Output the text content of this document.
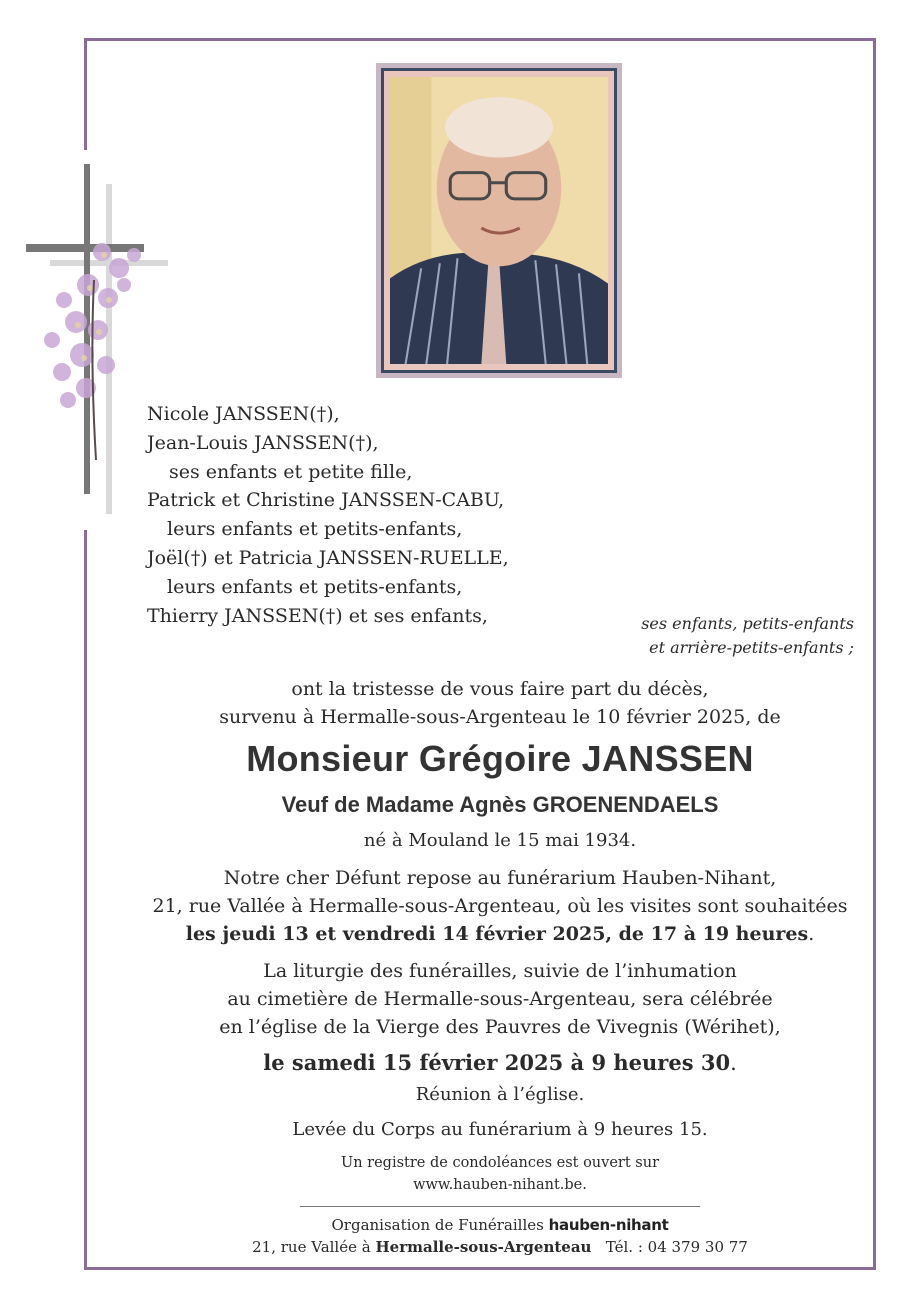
Nicole JANSSEN(†),
Jean-Louis JANSSEN(†),
ses enfants et petite fille,
Patrick et Christine JANSSEN-CABU,
leurs enfants et petits-enfants,
Joël(†) et Patricia JANSSEN-RUELLE,
leurs enfants et petits-enfants,
Thierry JANSSEN(†) et ses enfants,	ses enfants, petits-enfants
et arrière-petits-enfants ;
ont la tristesse de vous faire part du décès,
survenu à Hermalle-sous-Argenteau le 10 février 2025, de
Monsieur Grégoire JANSSEN
Veuf de Madame Agnès GROENENDAELS
né à Mouland le 15 mai 1934.
Notre cher Défunt repose au funérarium Hauben-Nihant,
21, rue Vallée à Hermalle-sous-Argenteau, où les visites sont souhaitées
les jeudi 13 et vendredi 14 février 2025, de 17 à 19 heures.
La liturgie des funérailles, suivie de l’inhumation
au cimetière de Hermalle-sous-Argenteau, sera célébrée
en l’église de la Vierge des Pauvres de Vivegnis (Wérihet),
le samedi 15 février 2025 à 9 heures 30.
Réunion à l’église.
Levée du Corps au funérarium à 9 heures 15.
Un registre de condoléances est ouvert sur
www.hauben-nihant.be.
Organisation de Funérailles hauben-nihant
21, rue Vallée à Hermalle-sous-Argenteau Tél. : 04 379 30 77
